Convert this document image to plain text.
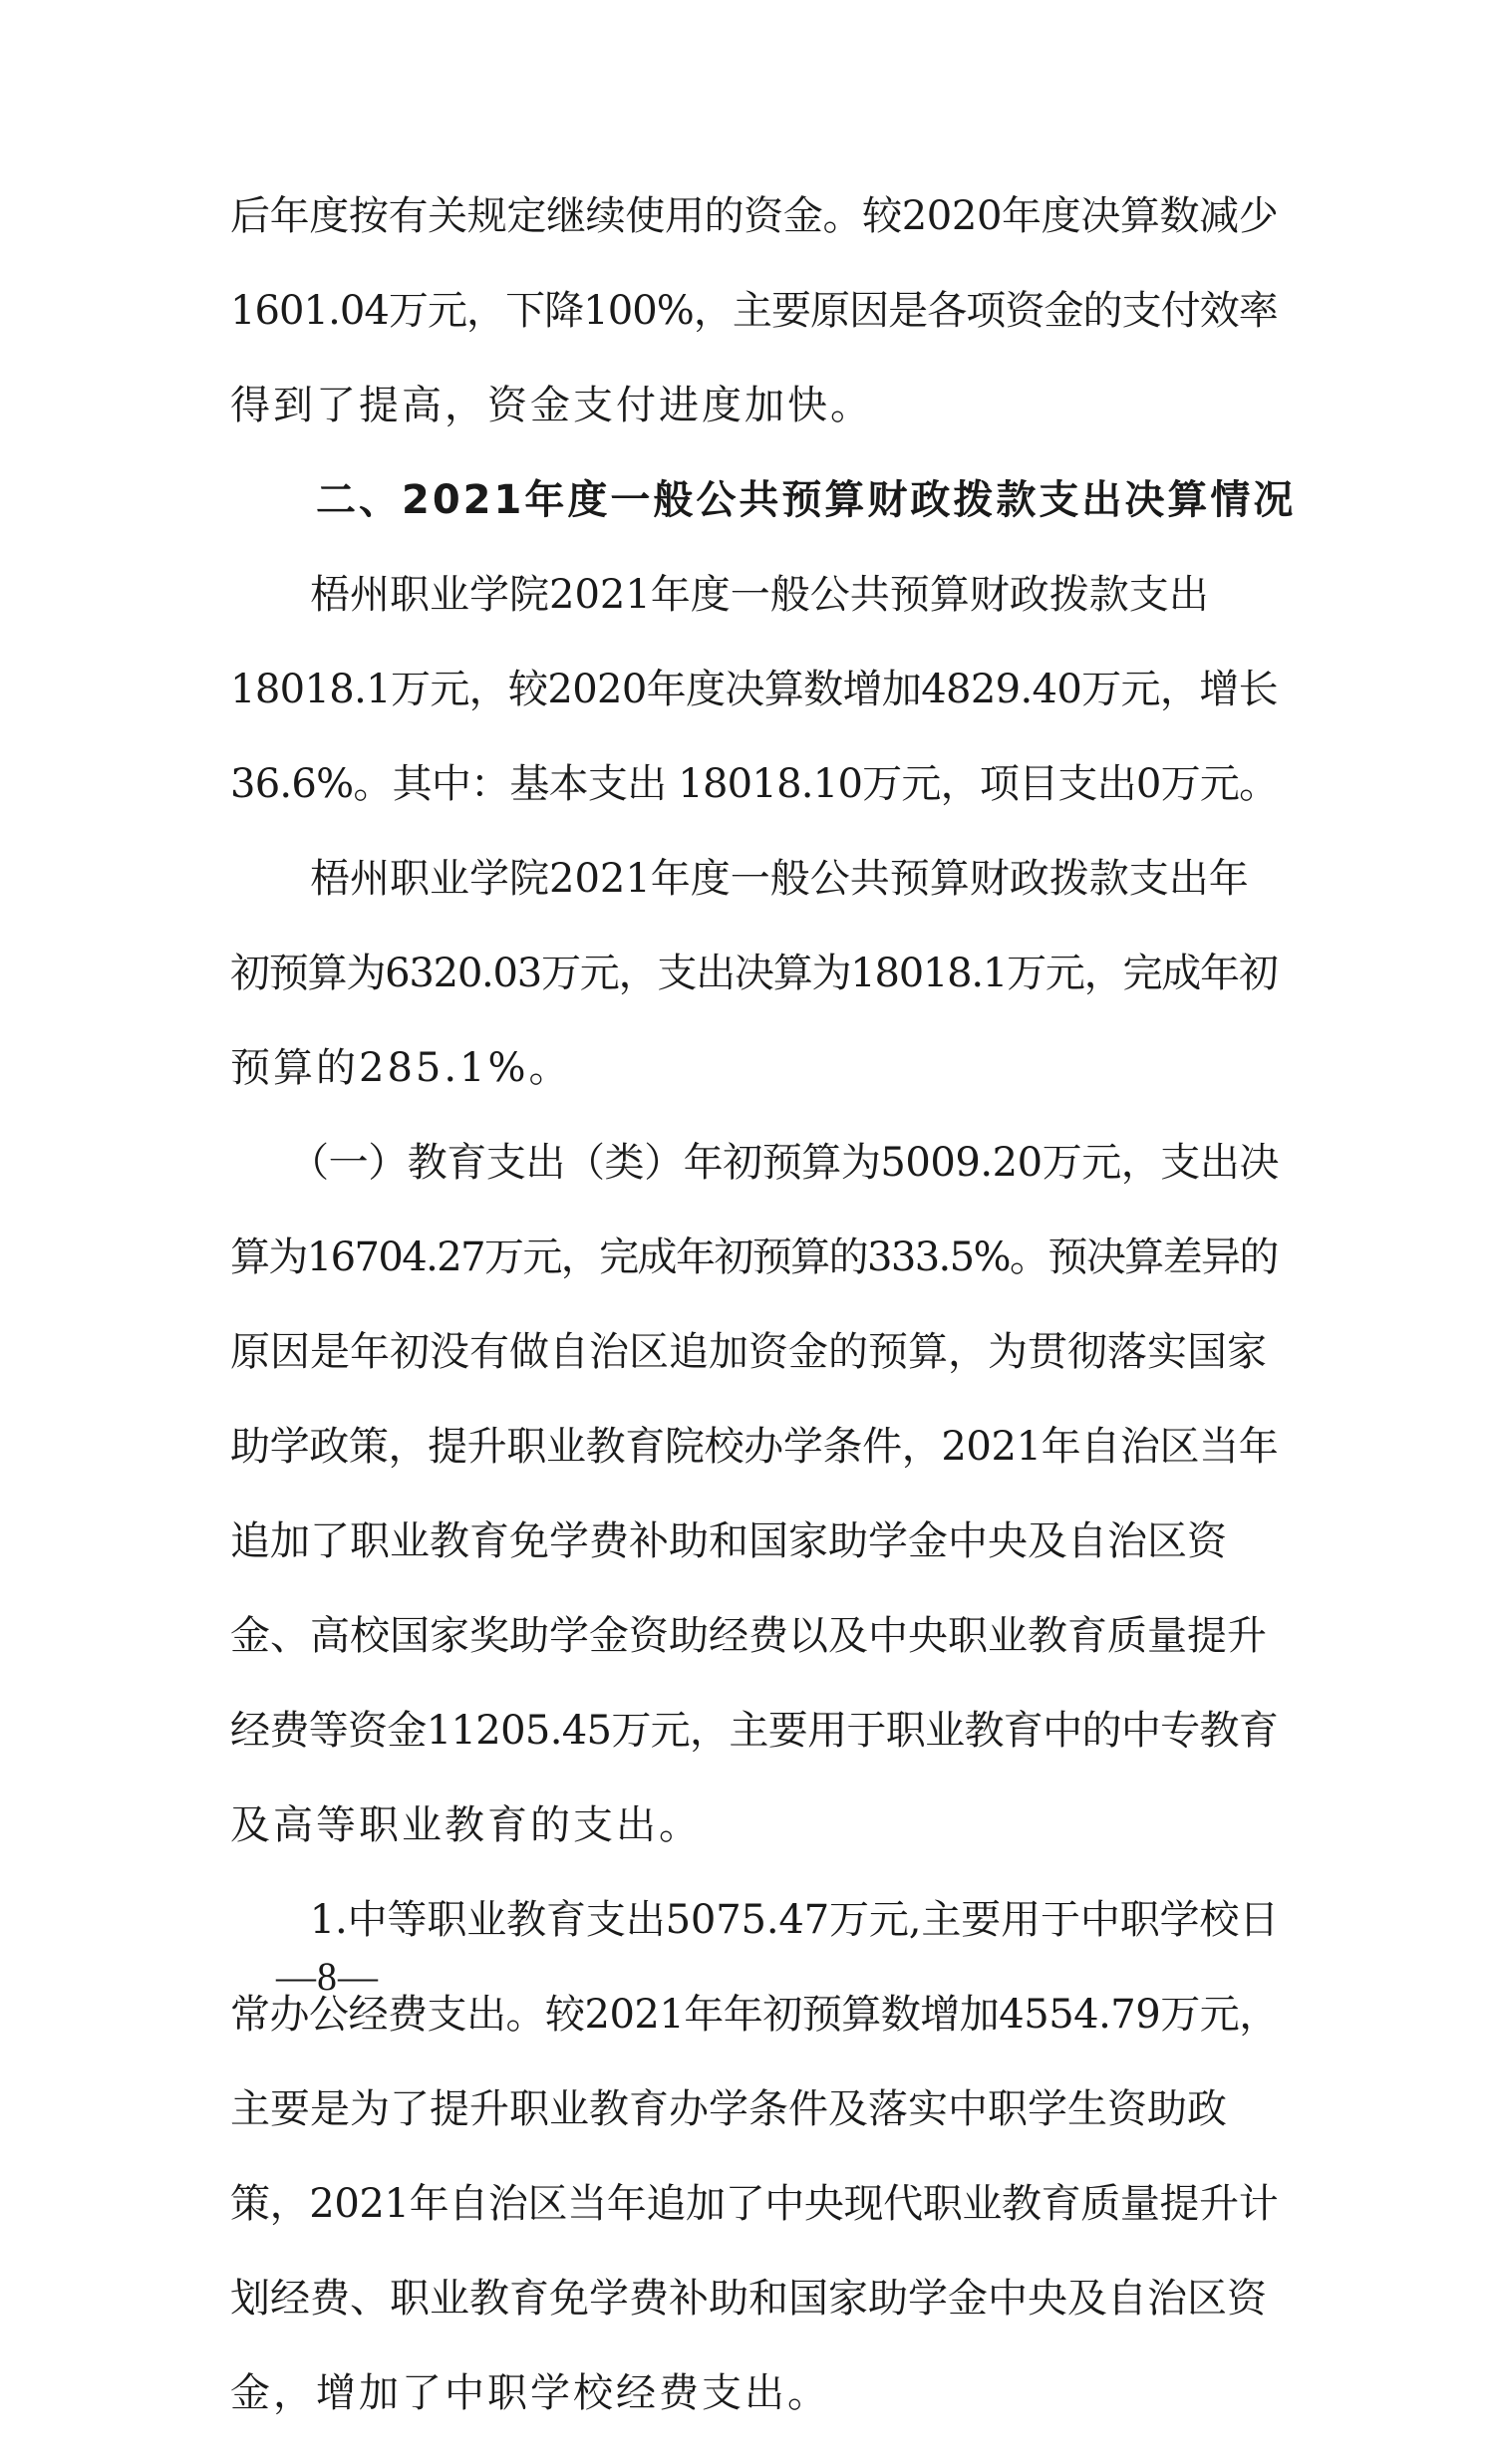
后年度按有关规定继续使用的资金。较2020年度决算数减少
1601.04万元，下降100%，主要原因是各项资金的支付效率
得到了提高，资金支付进度加快。
　　二、2021年度一般公共预算财政拨款支出决算情况
　　梧州职业学院2021年度一般公共预算财政拨款支出
18018.1万元，较2020年度决算数增加4829.40万元，增长
36.6%。其中：基本支出 18018.10万元，项目支出0万元。
　　梧州职业学院2021年度一般公共预算财政拨款支出年
初预算为6320.03万元，支出决算为18018.1万元，完成年初
预算的285.1%。
　　（一）教育支出（类）年初预算为5009.20万元，支出决
算为16704.27万元，完成年初预算的333.5%。预决算差异的
原因是年初没有做自治区追加资金的预算，为贯彻落实国家
助学政策，提升职业教育院校办学条件，2021年自治区当年
追加了职业教育免学费补助和国家助学金中央及自治区资
金、高校国家奖助学金资助经费以及中央职业教育质量提升
经费等资金11205.45万元，主要用于职业教育中的中专教育
及高等职业教育的支出。
　　1.中等职业教育支出5075.47万元,主要用于中职学校日
常办公经费支出。较2021年年初预算数增加4554.79万元，
主要是为了提升职业教育办学条件及落实中职学生资助政
策，2021年自治区当年追加了中央现代职业教育质量提升计
划经费、职业教育免学费补助和国家助学金中央及自治区资
金，增加了中职学校经费支出。
—8—
